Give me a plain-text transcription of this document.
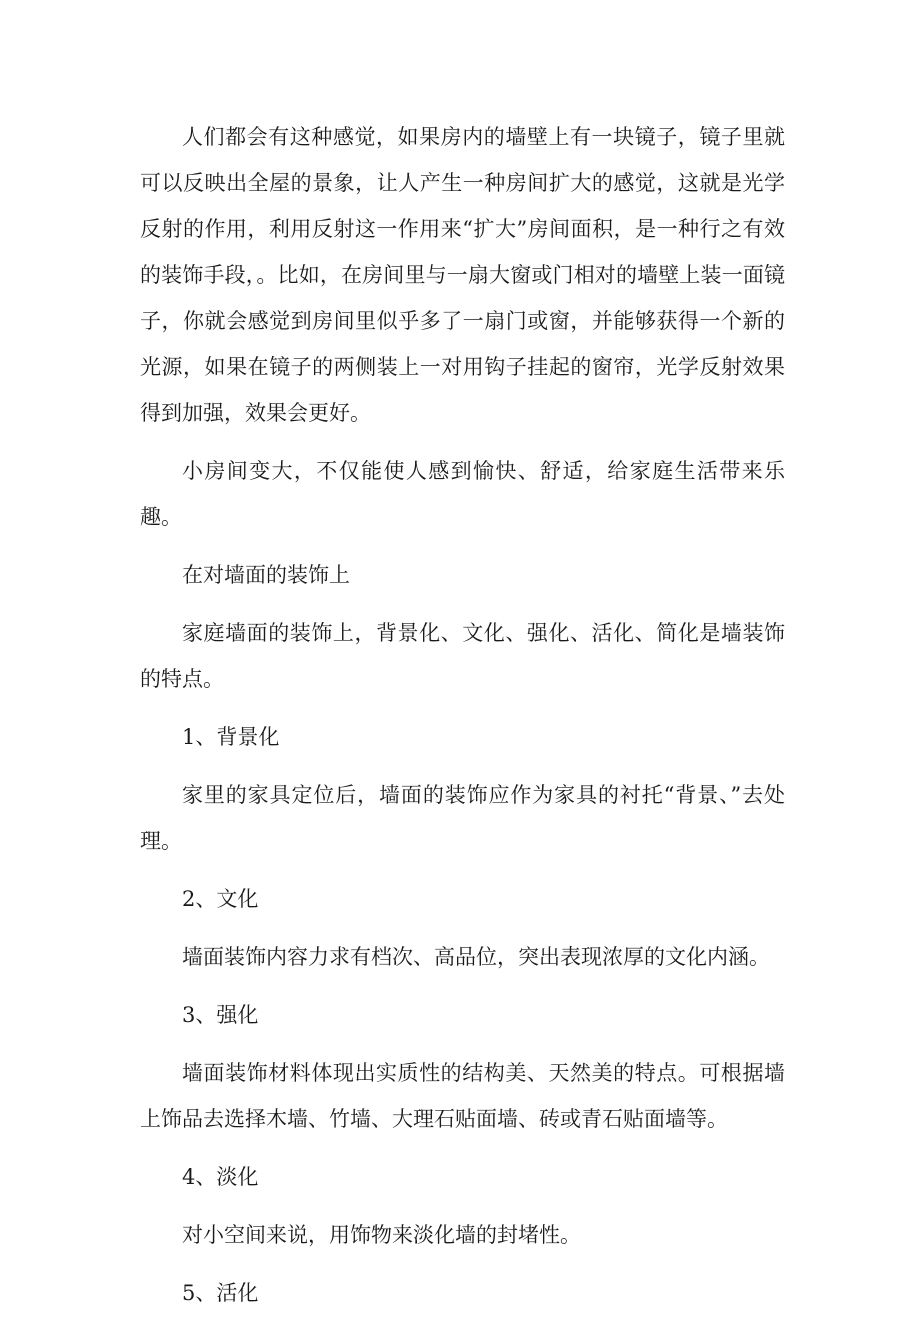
人们都会有这种感觉，如果房内的墙壁上有一块镜子，镜子里就可以反映出全屋的景象，让人产生一种房间扩大的感觉，这就是光学反射的作用，利用反射这一作用来“扩大”房间面积，是一种行之有效的装饰手段，。比如，在房间里与一扇大窗或门相对的墙壁上装一面镜子，你就会感觉到房间里似乎多了一扇门或窗，并能够获得一个新的光源，如果在镜子的两侧装上一对用钩子挂起的窗帘，光学反射效果得到加强，效果会更好。

小房间变大，不仅能使人感到愉快、舒适，给家庭生活带来乐趣。

在对墙面的装饰上

家庭墙面的装饰上，背景化、文化、强化、活化、简化是墙装饰的特点。

1、背景化

家里的家具定位后，墙面的装饰应作为家具的衬托“背景、”去处理。

2、文化

墙面装饰内容力求有档次、高品位，突出表现浓厚的文化内涵。

3、强化

墙面装饰材料体现出实质性的结构美、天然美的特点。可根据墙上饰品去选择木墙、竹墙、大理石贴面墙、砖或青石贴面墙等。

4、淡化

对小空间来说，用饰物来淡化墙的封堵性。

5、活化
